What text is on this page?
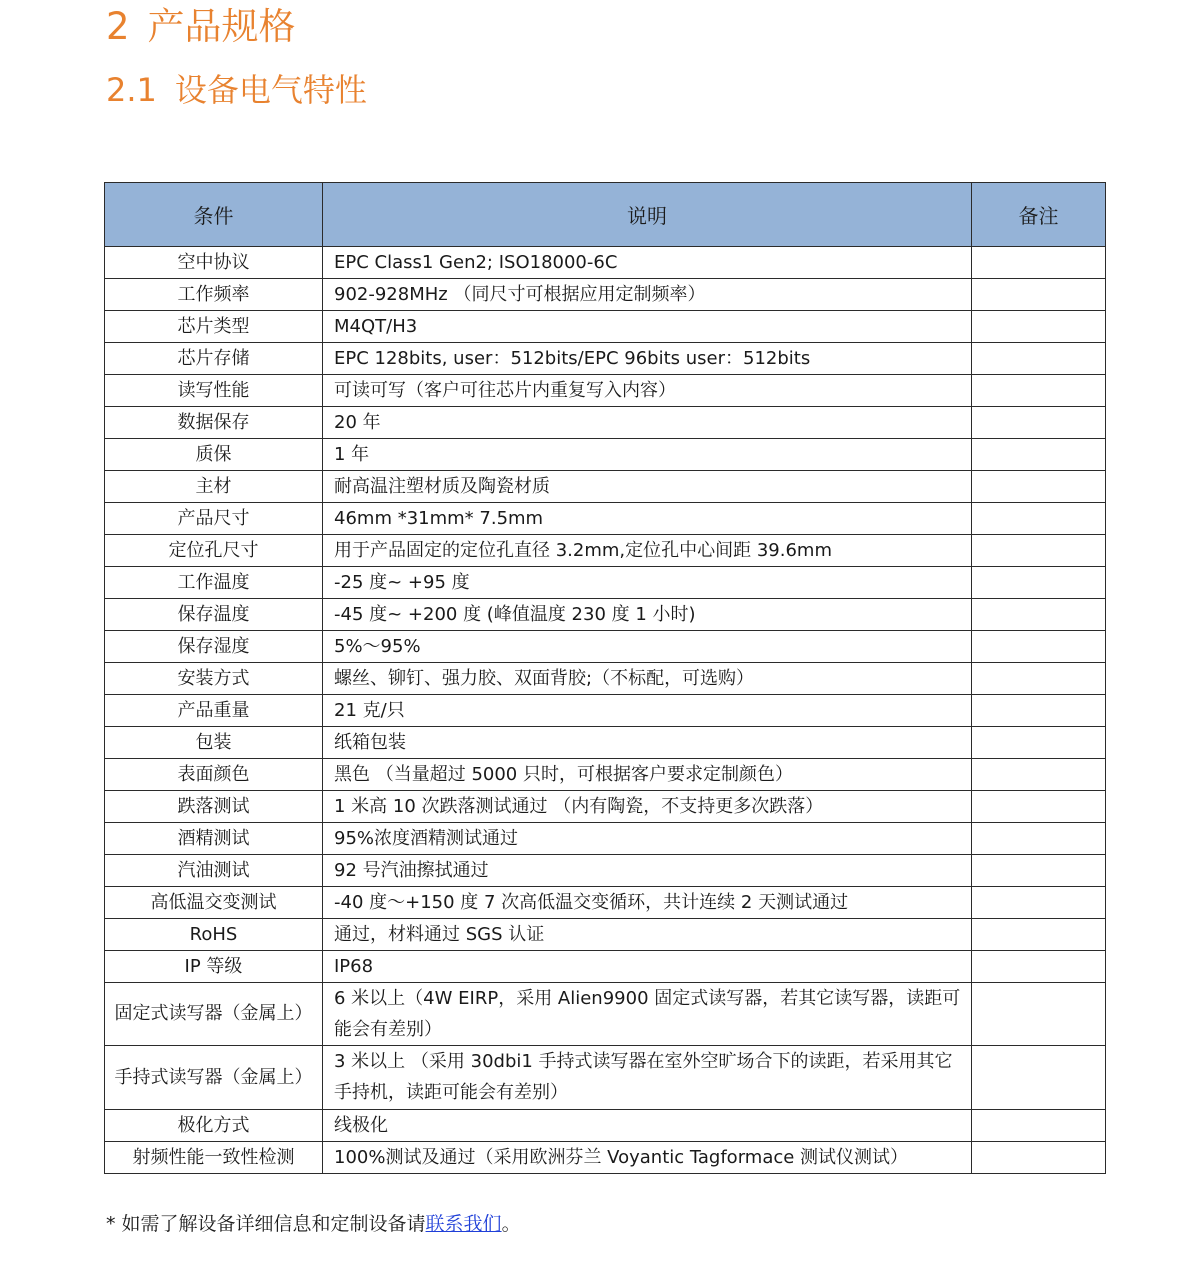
2 产品规格
2.1 设备电气特性
条件	说明	备注
空中协议	EPC Class1 Gen2; ISO18000-6C	
工作频率	902-928MHz （同尺寸可根据应用定制频率）	
芯片类型	M4QT/H3	
芯片存储	EPC 128bits, user：512bits/EPC 96bits user：512bits	
读写性能	可读可写（客户可往芯片内重复写入内容）	
数据保存	20 年	
质保	1 年	
主材	耐高温注塑材质及陶瓷材质	
产品尺寸	46mm *31mm* 7.5mm	
定位孔尺寸	用于产品固定的定位孔直径 3.2mm,定位孔中心间距 39.6mm	
工作温度	-25 度~ +95 度	
保存温度	-45 度~ +200 度 (峰值温度 230 度 1 小时)	
保存湿度	5%～95%	
安装方式	螺丝、铆钉、强力胶、双面背胶;（不标配，可选购）	
产品重量	21 克/只	
包装	纸箱包装	
表面颜色	黑色 （当量超过 5000 只时，可根据客户要求定制颜色）	
跌落测试	1 米高 10 次跌落测试通过 （内有陶瓷，不支持更多次跌落）	
酒精测试	95%浓度酒精测试通过	
汽油测试	92 号汽油擦拭通过	
高低温交变测试	-40 度～+150 度 7 次高低温交变循环，共计连续 2 天测试通过	
RoHS	通过，材料通过 SGS 认证	
IP 等级	IP68	
固定式读写器（金属上）	6 米以上（4W EIRP，采用 Alien9900 固定式读写器，若其它读写器，读距可能会有差别）	
手持式读写器（金属上）	3 米以上 （采用 30dbi1 手持式读写器在室外空旷场合下的读距，若采用其它手持机，读距可能会有差别）	
极化方式	线极化	
射频性能一致性检测	100%测试及通过（采用欧洲芬兰 Voyantic Tagformace 测试仪测试）	
* 如需了解设备详细信息和定制设备请联系我们。
